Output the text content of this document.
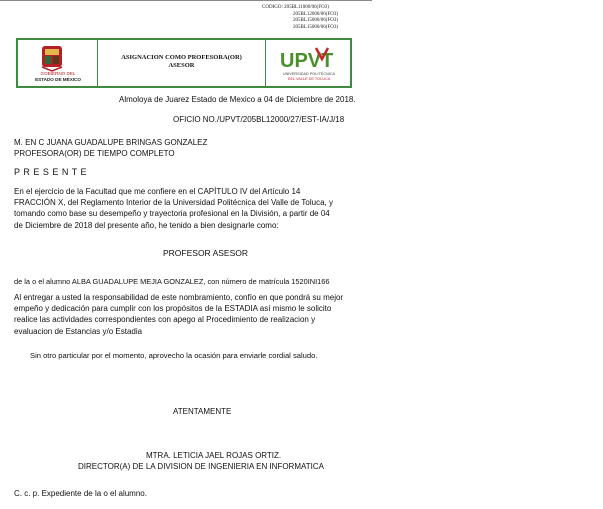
CODIGO: 205BL11000/06(FO3)
205BL12000/06(FO3)
205BL15000/06(FO3)
205BL15000/06(FO3)
GOBIERNO DEL
ESTADO DE MÉXICO
ASIGNACION COMO PROFESORA(OR)
ASESOR	UPVT
UNIVERSIDAD POLITÉCNICA
DEL VALLE DE TOLUCA
Almoloya de Juarez Estado de Mexico a 04 de Diciembre de 2018.
OFICIO NO./UPVT/205BL12000/27/EST-IA/J/18
M. EN C JUANA GUADALUPE BRINGAS GONZALEZ
PROFESORA(OR) DE TIEMPO COMPLETO
P R E S E N T E
En el ejercicio de la Facultad que me confiere en el CAPÍTULO IV del Artículo 14
FRACCIÓN X, del Reglamento Interior de la Universidad Politécnica del Valle de Toluca, y
tomando como base su desempeño y trayectoria profesional en la División, a partir de 04
de Diciembre de 2018 del presente año, he tenido a bien designarle como:
PROFESOR ASESOR
de la o el alumno ALBA GUADALUPE MEJIA GONZALEZ, con número de matrícula 1520INI166
Al entregar a usted la responsabilidad de este nombramiento, confío en que pondrá su mejor
empeño y dedicación para cumplir con los propósitos de la ESTADIA así mismo le solicito
realice las actividades correspondientes con apego al Procedimiento de realizacion y
evaluacion de Estancias y/o Estadia
Sin otro particular por el momento, aprovecho la ocasión para enviarle cordial saludo.
ATENTAMENTE
MTRA. LETICIA JAEL ROJAS ORTIZ.
DIRECTOR(A) DE LA DIVISION DE INGENIERIA EN INFORMATICA
C. c. p. Expediente de la o el alumno.
